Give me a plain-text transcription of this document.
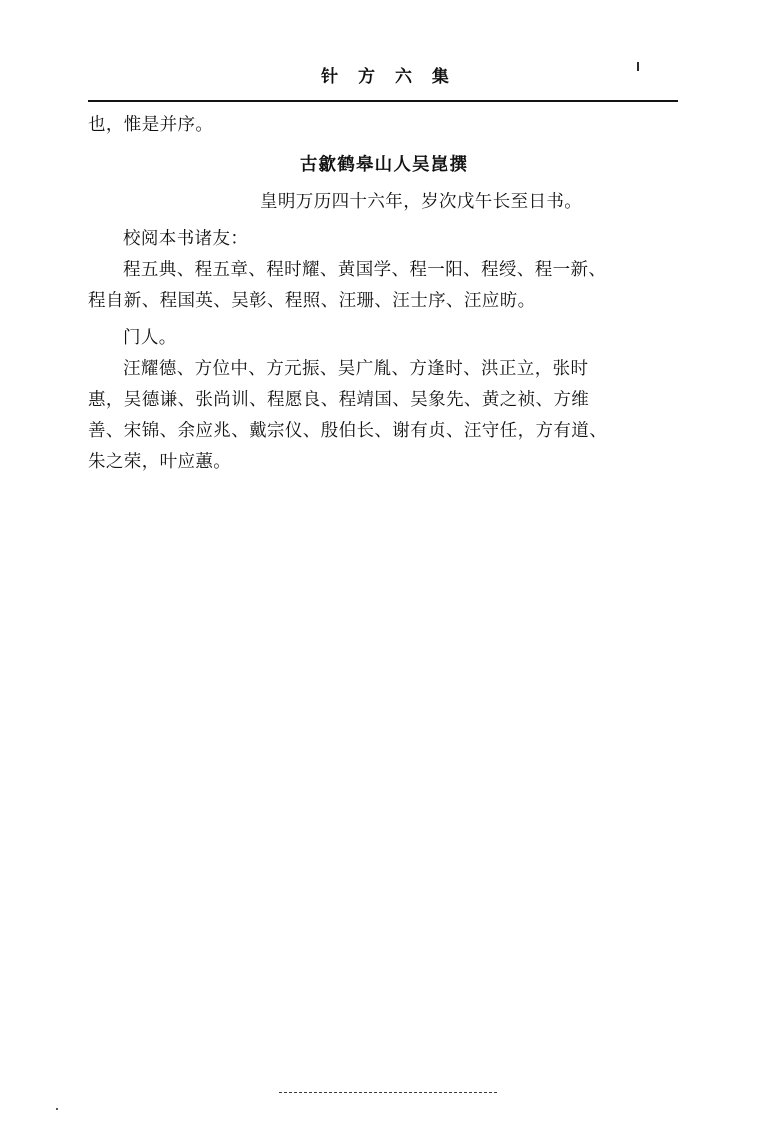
针 方 六 集
也，惟是并序。
古歙鹤皋山人吴崑撰
皇明万历四十六年，岁次戊午长至日书。
校阅本书诸友：
程五典、程五章、程时耀、黄国学、程一阳、程绶、程一新、
程自新、程国英、吴彰、程照、汪珊、汪士序、汪应昉。
门人。
汪耀德、方位中、方元振、吴广胤、方逢时、洪正立，张时
惠，吴德谦、张尚训、程愿良、程靖国、吴象先、黄之祯、方维
善、宋锦、余应兆、戴宗仪、殷伯长、谢有贞、汪守任，方有道、
朱之荣，叶应蕙。
